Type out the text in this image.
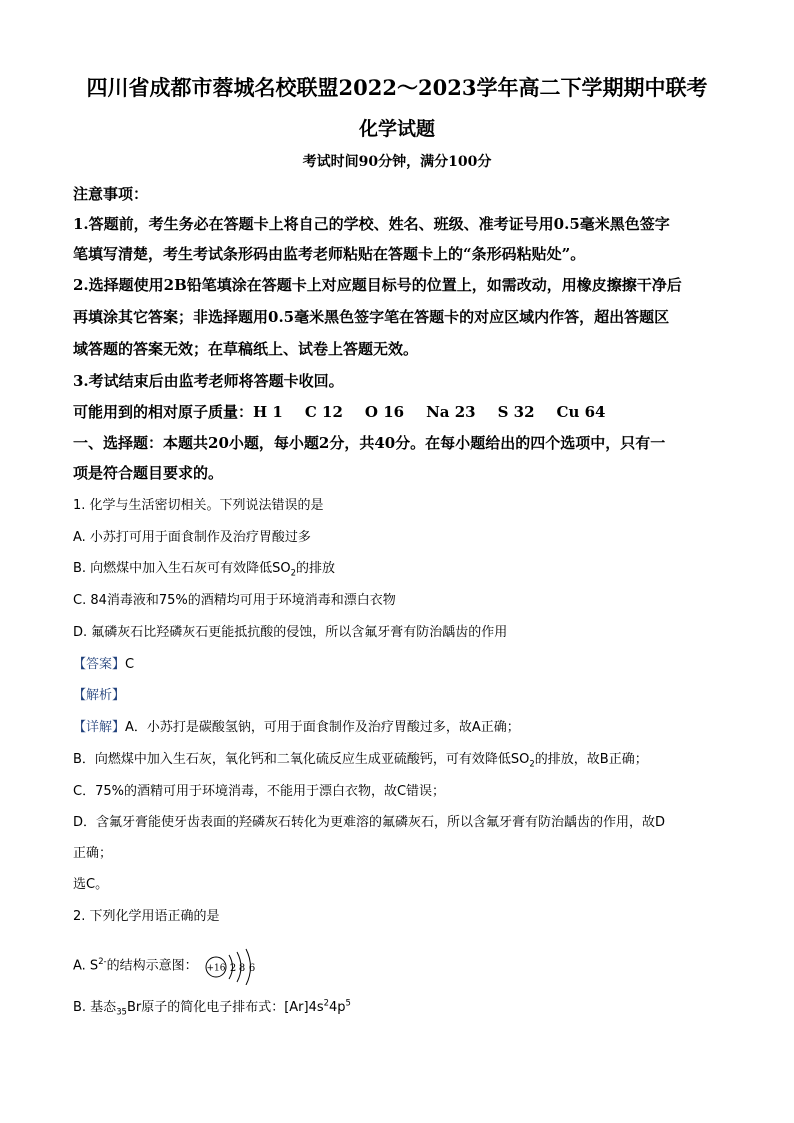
四川省成都市蓉城名校联盟2022～2023学年高二下学期期中联考
化学试题
考试时间90分钟，满分100分
注意事项：
1.答题前，考生务必在答题卡上将自己的学校、姓名、班级、准考证号用0.5毫米黑色签字
笔填写清楚，考生考试条形码由监考老师粘贴在答题卡上的“条形码粘贴处”。
2.选择题使用2B铅笔填涂在答题卡上对应题目标号的位置上，如需改动，用橡皮擦擦干净后
再填涂其它答案；非选择题用0.5毫米黑色签字笔在答题卡的对应区域内作答，超出答题区
域答题的答案无效；在草稿纸上、试卷上答题无效。
3.考试结束后由监考老师将答题卡收回。
可能用到的相对原子质量：H 1 C 12 O 16 Na 23 S 32 Cu 64
一、选择题：本题共20小题，每小题2分，共40分。在每小题给出的四个选项中，只有一
项是符合题目要求的。
1. 化学与生活密切相关。下列说法错误的是
A. 小苏打可用于面食制作及治疗胃酸过多
B. 向燃煤中加入生石灰可有效降低$SO_2$的排放
C. 84消毒液和75%的酒精均可用于环境消毒和漂白衣物
D. 氟磷灰石比羟磷灰石更能抵抗酸的侵蚀，所以含氟牙膏有防治龋齿的作用
【答案】C
【解析】
【详解】A．小苏打是碳酸氢钠，可用于面食制作及治疗胃酸过多，故A正确；
B．向燃煤中加入生石灰，氧化钙和二氧化硫反应生成亚硫酸钙，可有效降低$SO_2$的排放，故B正确；
C．75%的酒精可用于环境消毒，不能用于漂白衣物，故C错误；
D．含氟牙膏能使牙齿表面的羟磷灰石转化为更难溶的氟磷灰石，所以含氟牙膏有防治龋齿的作用，故D
正确；
选C。
2. 下列化学用语正确的是
A. $S^{2-}$的结构示意图： +16 2 8 6
B. 基态$_{35}$Br原子的简化电子排布式：$[Ar]4s^24p^5$
